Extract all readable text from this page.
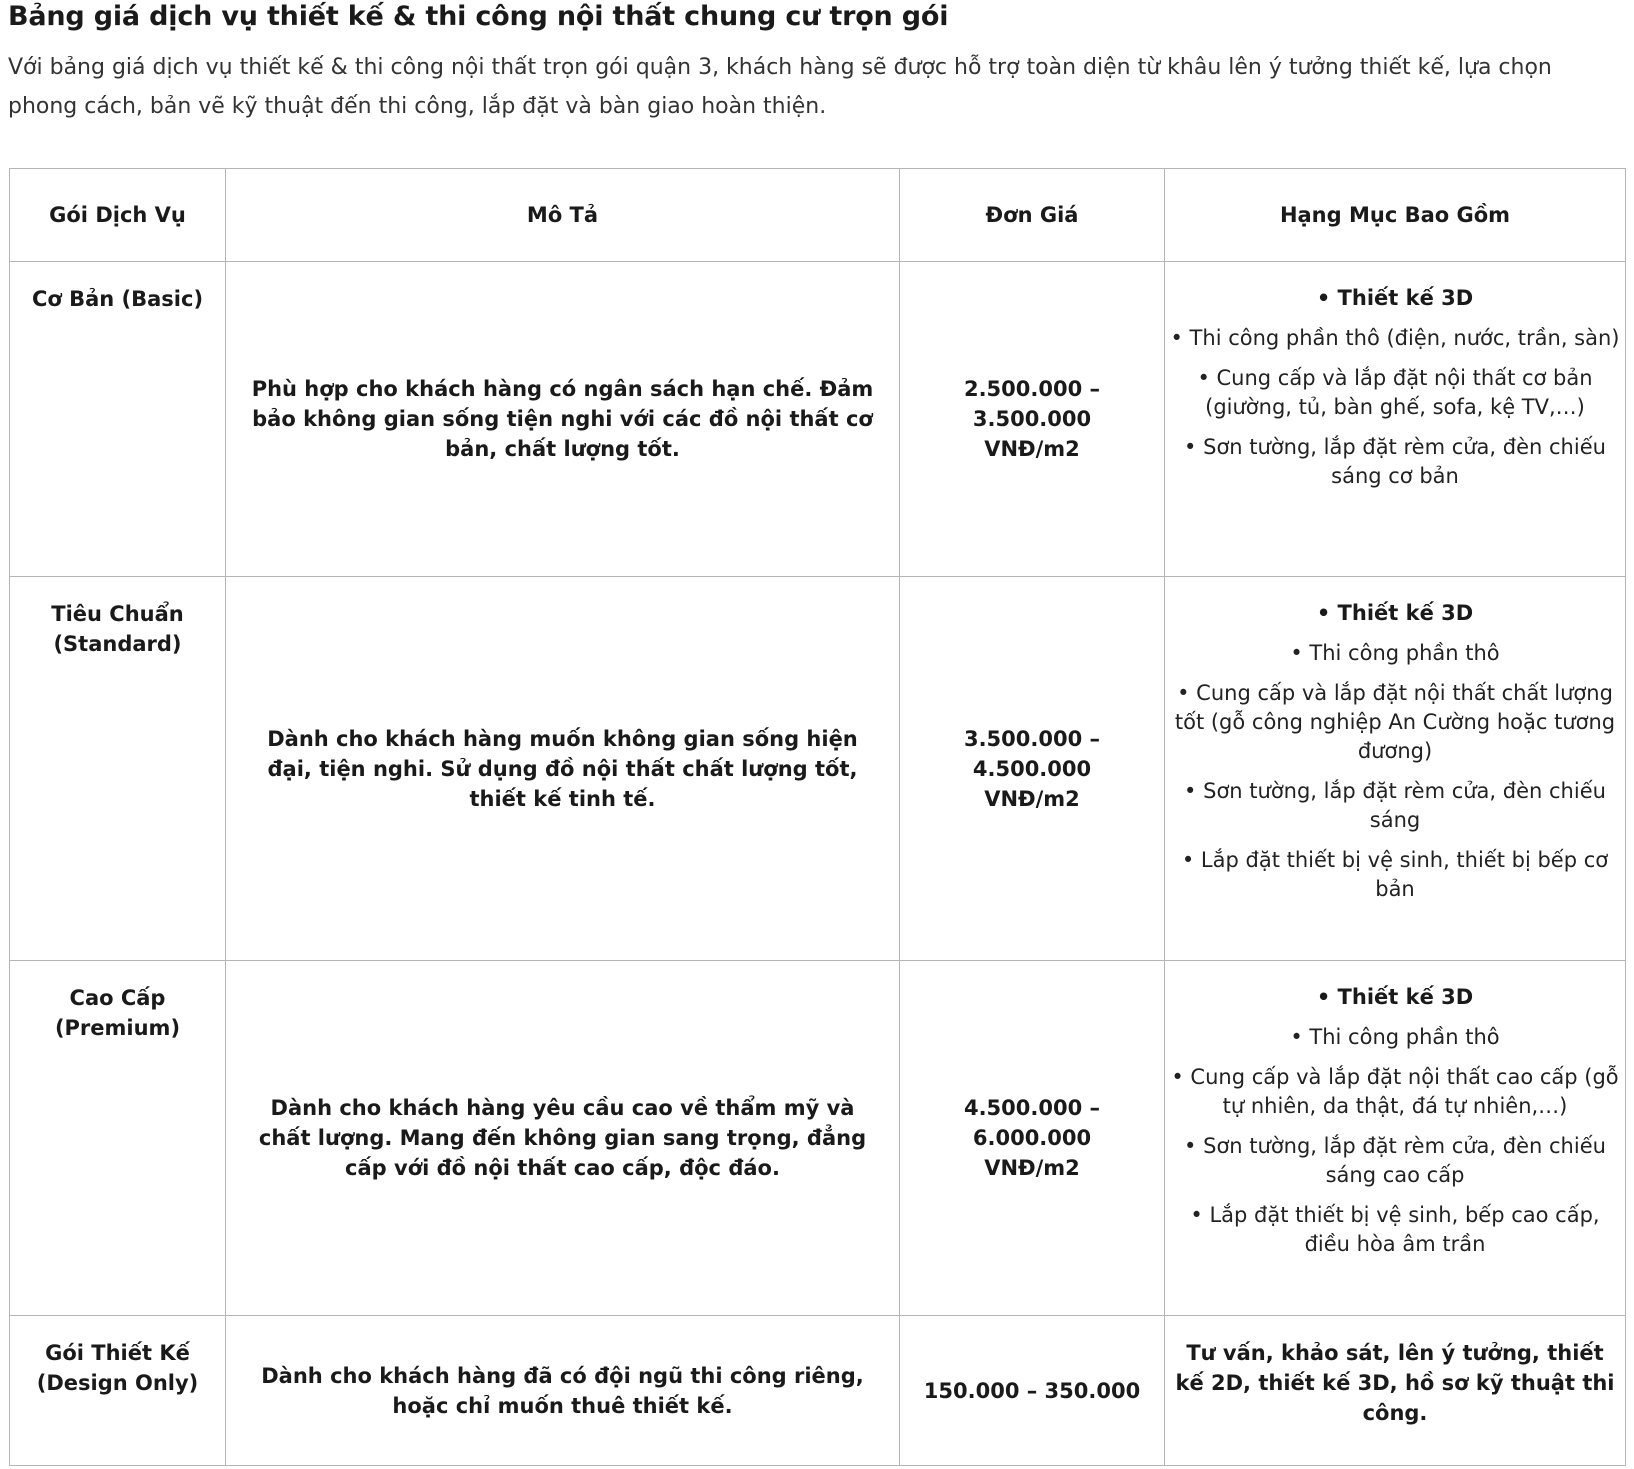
Bảng giá dịch vụ thiết kế & thi công nội thất chung cư trọn gói

Với bảng giá dịch vụ thiết kế & thi công nội thất trọn gói quận 3, khách hàng sẽ được hỗ trợ toàn diện từ khâu lên ý tưởng thiết kế, lựa chọn phong cách, bản vẽ kỹ thuật đến thi công, lắp đặt và bàn giao hoàn thiện.

Gói Dịch Vụ	Mô Tả	Đơn Giá	Hạng Mục Bao Gồm
Cơ Bản (Basic)	Phù hợp cho khách hàng có ngân sách hạn chế. Đảm bảo không gian sống tiện nghi với các đồ nội thất cơ bản, chất lượng tốt.	2.500.000 – 3.500.000 VNĐ/m2	• Thiết kế 3D
• Thi công phần thô (điện, nước, trần, sàn)
• Cung cấp và lắp đặt nội thất cơ bản (giường, tủ, bàn ghế, sofa, kệ TV,…)
• Sơn tường, lắp đặt rèm cửa, đèn chiếu sáng cơ bản

Tiêu Chuẩn (Standard)	Dành cho khách hàng muốn không gian sống hiện đại, tiện nghi. Sử dụng đồ nội thất chất lượng tốt, thiết kế tinh tế.	3.500.000 – 4.500.000 VNĐ/m2	• Thiết kế 3D
• Thi công phần thô
• Cung cấp và lắp đặt nội thất chất lượng tốt (gỗ công nghiệp An Cường hoặc tương đương)
• Sơn tường, lắp đặt rèm cửa, đèn chiếu sáng
• Lắp đặt thiết bị vệ sinh, thiết bị bếp cơ bản

Cao Cấp (Premium)	Dành cho khách hàng yêu cầu cao về thẩm mỹ và chất lượng. Mang đến không gian sang trọng, đẳng cấp với đồ nội thất cao cấp, độc đáo.	4.500.000 – 6.000.000 VNĐ/m2	• Thiết kế 3D
• Thi công phần thô
• Cung cấp và lắp đặt nội thất cao cấp (gỗ tự nhiên, da thật, đá tự nhiên,…)
• Sơn tường, lắp đặt rèm cửa, đèn chiếu sáng cao cấp
• Lắp đặt thiết bị vệ sinh, bếp cao cấp, điều hòa âm trần

Gói Thiết Kế (Design Only)	Dành cho khách hàng đã có đội ngũ thi công riêng, hoặc chỉ muốn thuê thiết kế.	150.000 – 350.000	Tư vấn, khảo sát, lên ý tưởng, thiết kế 2D, thiết kế 3D, hồ sơ kỹ thuật thi công.
